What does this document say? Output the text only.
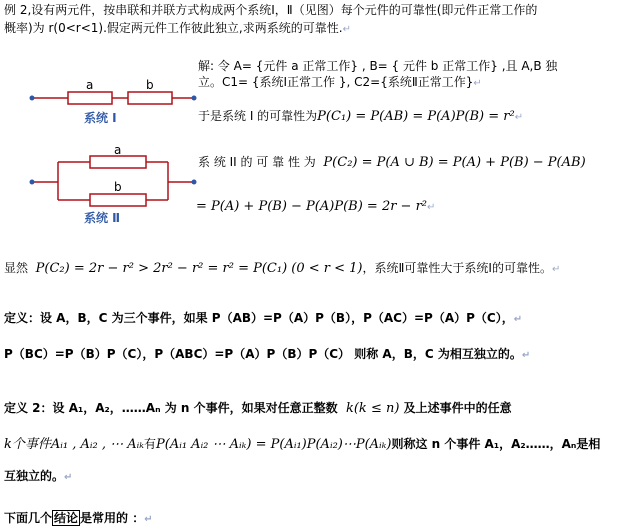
例 2,设有两元件，按串联和并联方式构成两个系统Ⅰ，Ⅱ（见图）每个元件的可靠性(即元件正常工作的
概率)为 r(0<r<1).假定两元件工作彼此独立,求两系统的可靠性.↵
a	b
系统 I
a
b
系统 Ⅱ
解: 令 A= {元件 a 正常工作} , B= { 元件 b 正常工作} ,且 A,B 独
立。C1= {系统Ⅰ正常工作 }, C2={系统Ⅱ正常工作}↵
于是系统 I 的可靠性为P(C₁) = P(AB) = P(A)P(B) = r²↵
系 统 II 的 可 靠 性 为 P(C₂) = P(A ∪ B) = P(A) + P(B) − P(AB)
= P(A) + P(B) − P(A)P(B) = 2r − r²↵
显然 P(C₂) = 2r − r² > 2r² − r² = r² = P(C₁) (0 < r < 1)，系统Ⅱ可靠性大于系统Ⅰ的可靠性。↵
定义：设 A，B，C 为三个事件，如果 P（AB）=P（A）P（B），P（AC）=P（A）P（C），↵
P（BC）=P（B）P（C），P（ABC）=P（A）P（B）P（C） 则称 A，B，C 为相互独立的。↵
定义 2：设 A₁，A₂，……Aₙ 为 n 个事件，如果对任意正整数 k(k ≤ n) 及上述事件中的任意
k个事件Aᵢ₁ , Aᵢ₂ , ⋯ Aᵢₖ有P(Aᵢ₁ Aᵢ₂ ⋯ Aᵢₖ) = P(Aᵢ₁)P(Aᵢ₂)⋯P(Aᵢₖ)则称这 n 个事件 A₁，A₂……，Aₙ是相
互独立的。↵
下面几个 结论 是常用的 ：↵
